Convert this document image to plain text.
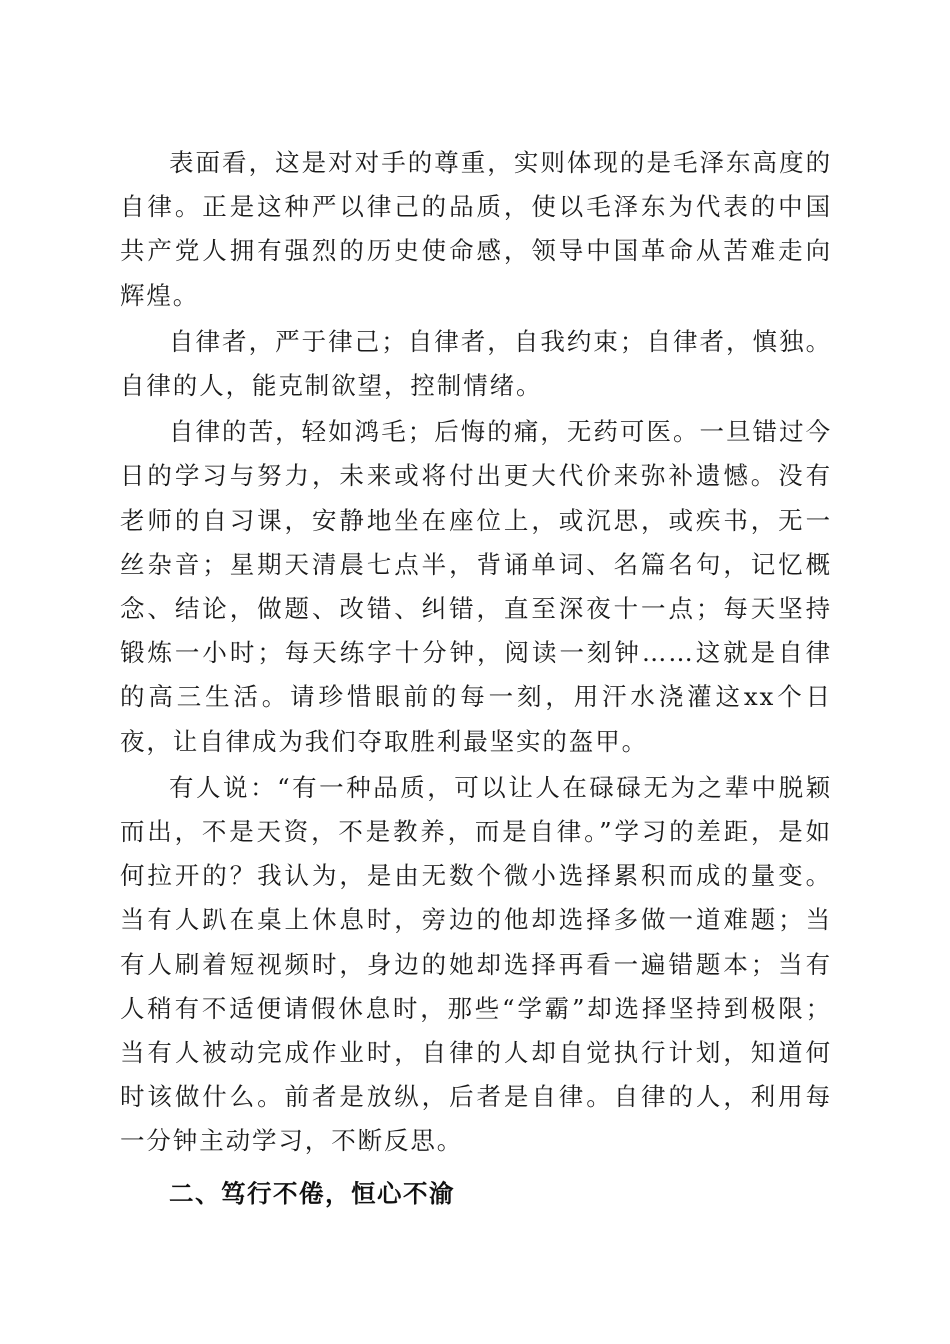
表面看，这是对对手的尊重，实则体现的是毛泽东高度的自律。正是这种严以律己的品质，使以毛泽东为代表的中国共产党人拥有强烈的历史使命感，领导中国革命从苦难走向辉煌。

自律者，严于律己；自律者，自我约束；自律者，慎独。自律的人，能克制欲望，控制情绪。

自律的苦，轻如鸿毛；后悔的痛，无药可医。一旦错过今日的学习与努力，未来或将付出更大代价来弥补遗憾。没有老师的自习课，安静地坐在座位上，或沉思，或疾书，无一丝杂音；星期天清晨七点半，背诵单词、名篇名句，记忆概念、结论，做题、改错、纠错，直至深夜十一点；每天坚持锻炼一小时；每天练字十分钟，阅读一刻钟……这就是自律的高三生活。请珍惜眼前的每一刻，用汗水浇灌这xx个日夜，让自律成为我们夺取胜利最坚实的盔甲。

有人说：“有一种品质，可以让人在碌碌无为之辈中脱颖而出，不是天资，不是教养，而是自律。”学习的差距，是如何拉开的？我认为，是由无数个微小选择累积而成的量变。当有人趴在桌上休息时，旁边的他却选择多做一道难题；当有人刷着短视频时，身边的她却选择再看一遍错题本；当有人稍有不适便请假休息时，那些“学霸”却选择坚持到极限；当有人被动完成作业时，自律的人却自觉执行计划，知道何时该做什么。前者是放纵，后者是自律。自律的人，利用每一分钟主动学习，不断反思。

二、笃行不倦，恒心不渝
